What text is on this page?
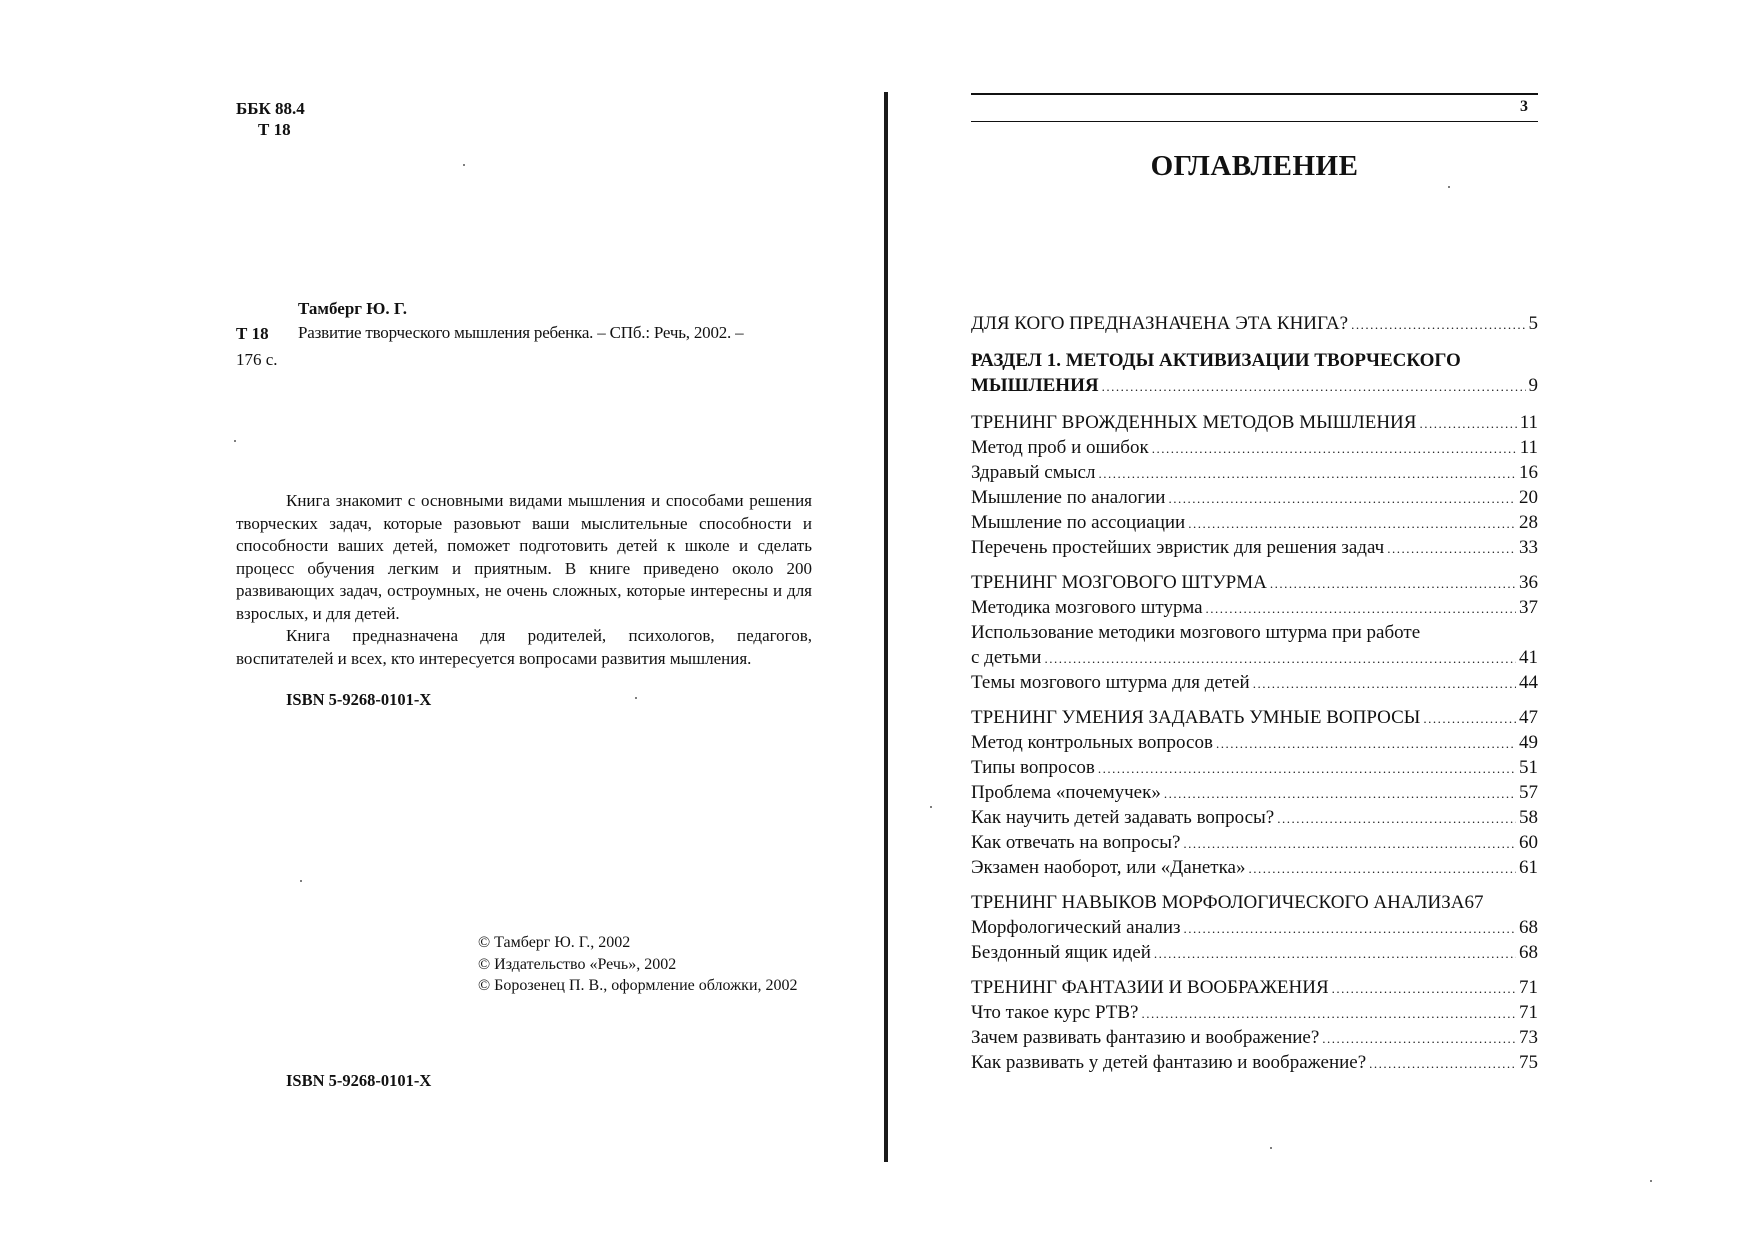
ББК 88.4
Т 18
Тамберг Ю. Г.
Т 18 Развитие творческого мышления ребенка. – СПб.: Речь, 2002. –
176 с.

Книга знакомит с основными видами мышления и способами решения творческих задач, которые разовьют ваши мыслительные способности и способности ваших детей, поможет подготовить детей к школе и сделать процесс обучения легким и приятным. В книге приведено около 200 развивающих задач, остроумных, не очень сложных, которые интересны и для взрослых, и для детей.

Книга предназначена для родителей, психологов, педагогов, воспитателей и всех, кто интересуется вопросами развития мышления.

ISBN 5-9268-0101-Х
© Тамберг Ю. Г., 2002
© Издательство «Речь», 2002
© Борозенец П. В., оформление обложки, 2002
ISBN 5-9268-0101-Х
3
ОГЛАВЛЕНИЕ
ДЛЯ КОГО ПРЕДНАЗНАЧЕНА ЭТА КНИГА? .....	5
РАЗДЕЛ 1. МЕТОДЫ АКТИВИЗАЦИИ ТВОРЧЕСКОГО
МЫШЛЕНИЯ .....	9
ТРЕНИНГ ВРОЖДЕННЫХ МЕТОДОВ МЫШЛЕНИЯ .....	11
Метод проб и ошибок .....	11
Здравый смысл .....	16
Мышление по аналогии .....	20
Мышление по ассоциации .....	28
Перечень простейших эвристик для решения задач .....	33
ТРЕНИНГ МОЗГОВОГО ШТУРМА .....	36
Методика мозгового штурма .....	37
Использование методики мозгового штурма при работе
с детьми .....	41
Темы мозгового штурма для детей .....	44
ТРЕНИНГ УМЕНИЯ ЗАДАВАТЬ УМНЫЕ ВОПРОСЫ .....	47
Метод контрольных вопросов .....	49
Типы вопросов .....	51
Проблема «почемучек» .....	57
Как научить детей задавать вопросы? .....	58
Как отвечать на вопросы? .....	60
Экзамен наоборот, или «Данетка» .....	61
ТРЕНИНГ НАВЫКОВ МОРФОЛОГИЧЕСКОГО АНАЛИЗА 67
Морфологический анализ .....	68
Бездонный ящик идей .....	68
ТРЕНИНГ ФАНТАЗИИ И ВООБРАЖЕНИЯ .....	71
Что такое курс РТВ? .....	71
Зачем развивать фантазию и воображение? .....	73
Как развивать у детей фантазию и воображение? .....	75
